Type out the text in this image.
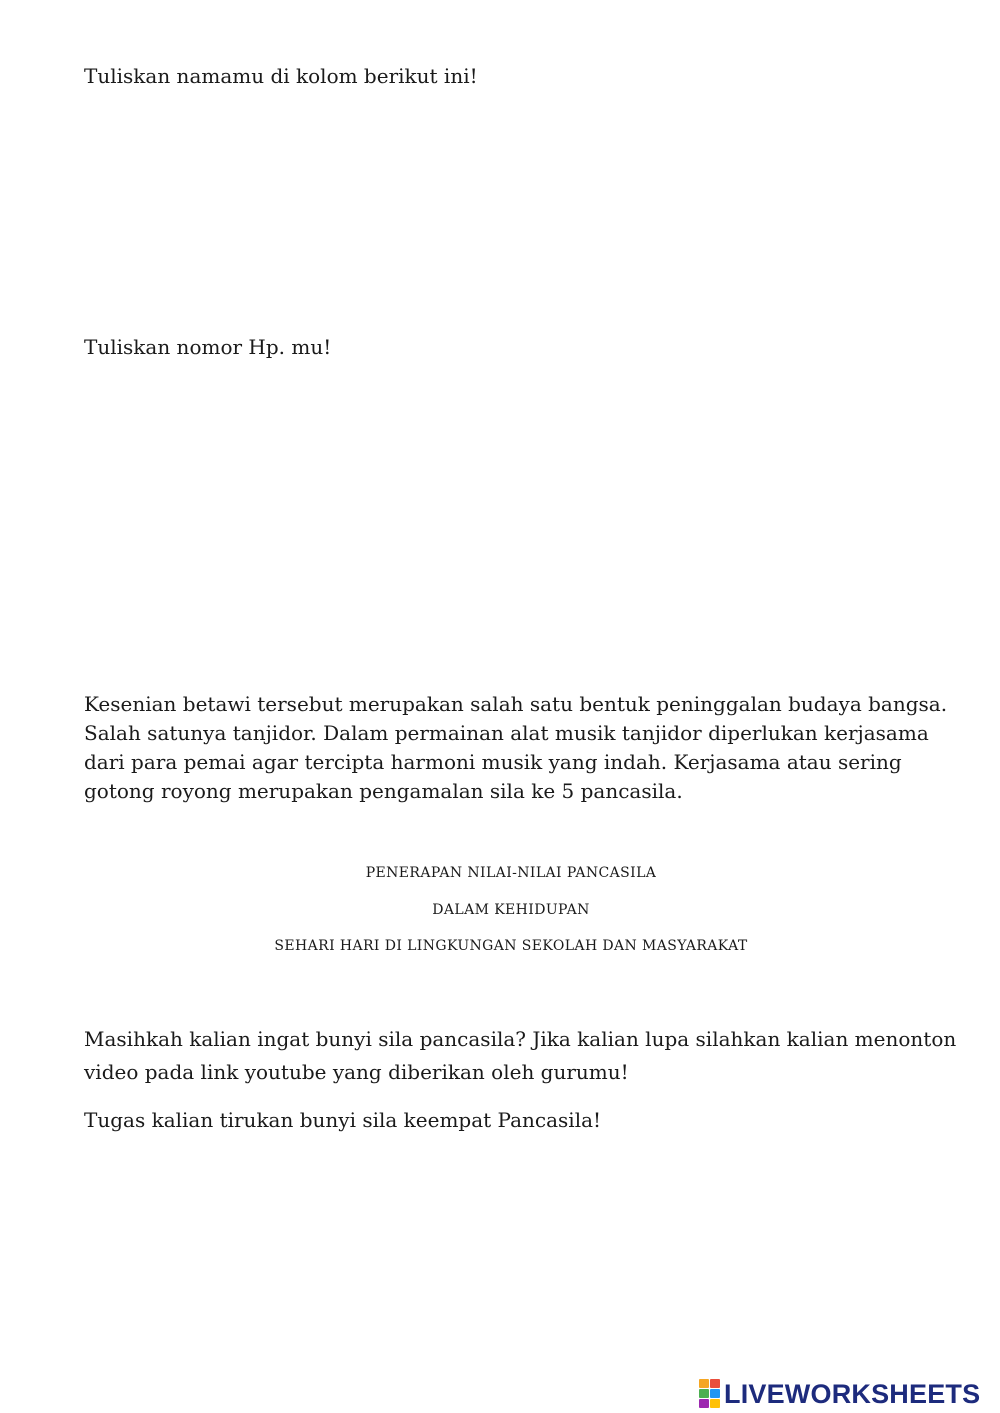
Tuliskan namamu di kolom berikut ini!
Tuliskan nomor Hp. mu!
Kesenian betawi tersebut merupakan salah satu bentuk peninggalan budaya bangsa.
Salah satunya tanjidor. Dalam permainan alat musik tanjidor diperlukan kerjasama
dari para pemai agar tercipta harmoni musik yang indah. Kerjasama atau sering
gotong royong merupakan pengamalan sila ke 5 pancasila.
PENERAPAN NILAI-NILAI PANCASILA
DALAM KEHIDUPAN
SEHARI HARI DI LINGKUNGAN SEKOLAH DAN MASYARAKAT
Masihkah kalian ingat bunyi sila pancasila? Jika kalian lupa silahkan kalian menonton
video pada link youtube yang diberikan oleh gurumu!
Tugas kalian tirukan bunyi sila keempat Pancasila!
LIVEWORKSHEETS
